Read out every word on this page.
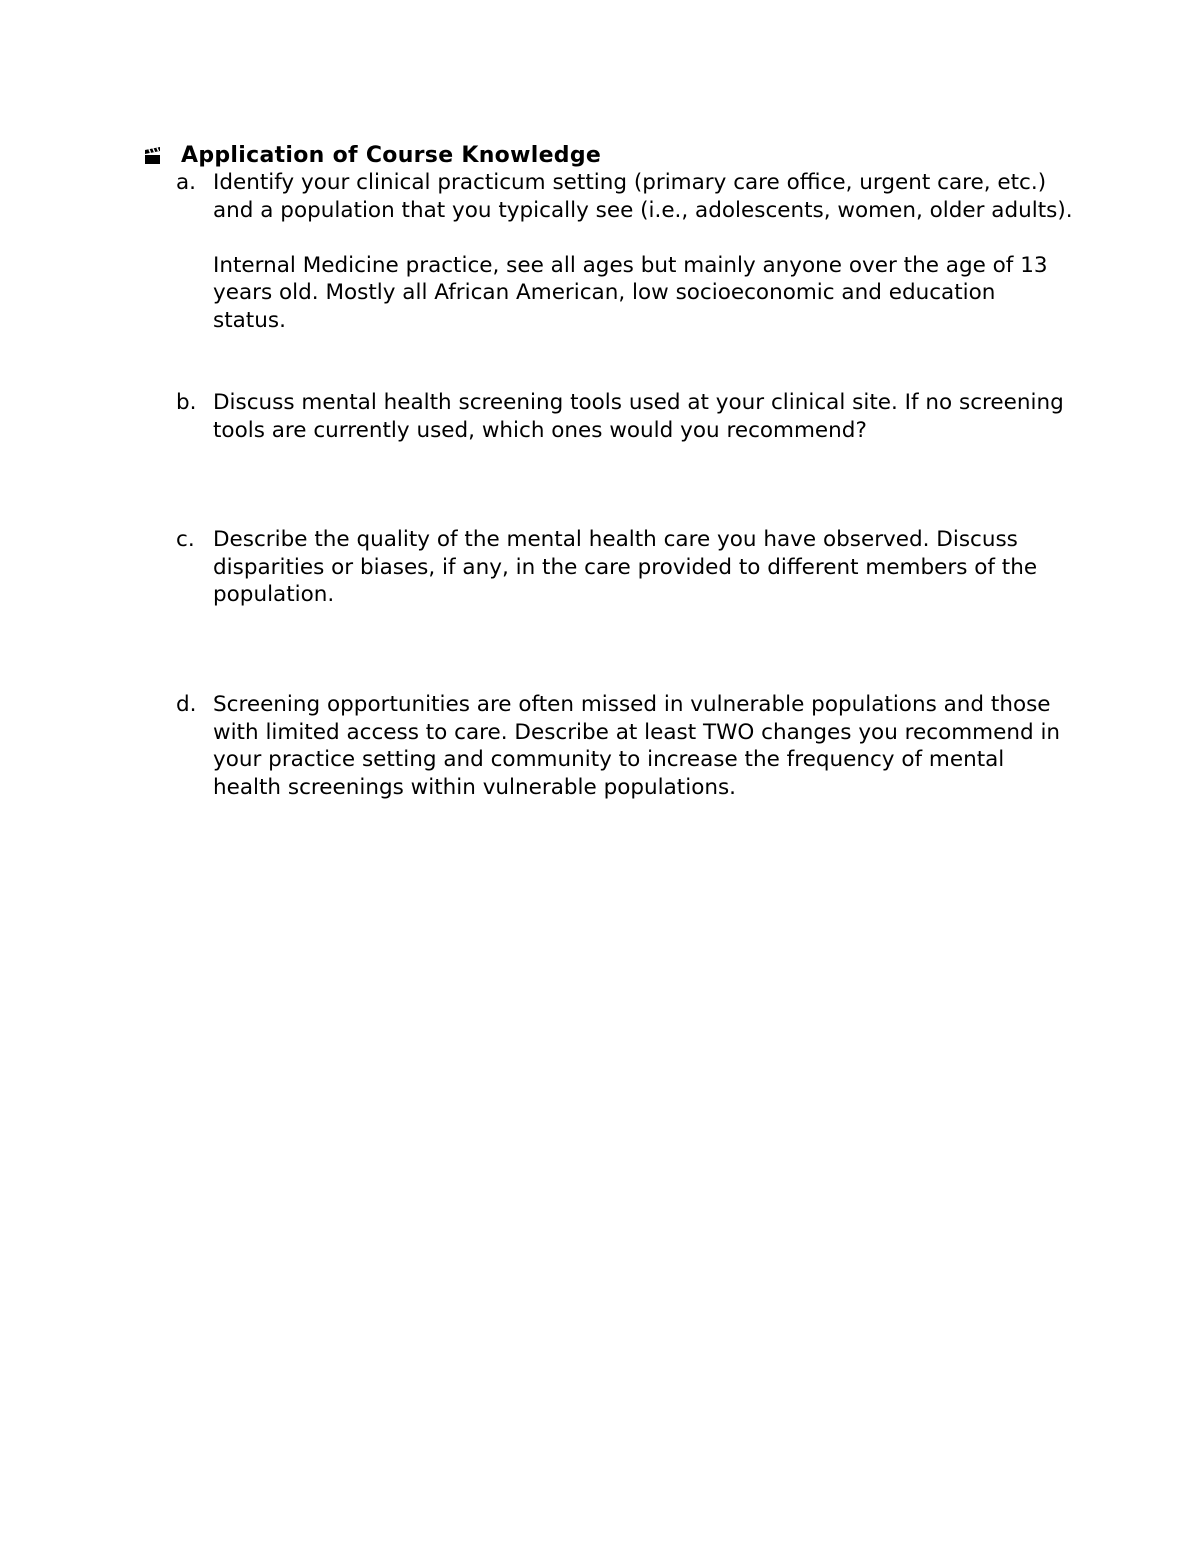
Application of Course Knowledge
a. Identify your clinical practicum setting (primary care office, urgent care, etc.) and a population that you typically see (i.e., adolescents, women, older adults).

Internal Medicine practice, see all ages but mainly anyone over the age of 13 years old. Mostly all African American, low socioeconomic and education status.

b. Discuss mental health screening tools used at your clinical site. If no screening tools are currently used, which ones would you recommend?

c. Describe the quality of the mental health care you have observed. Discuss disparities or biases, if any, in the care provided to different members of the population.

d. Screening opportunities are often missed in vulnerable populations and those with limited access to care. Describe at least TWO changes you recommend in your practice setting and community to increase the frequency of mental health screenings within vulnerable populations.
